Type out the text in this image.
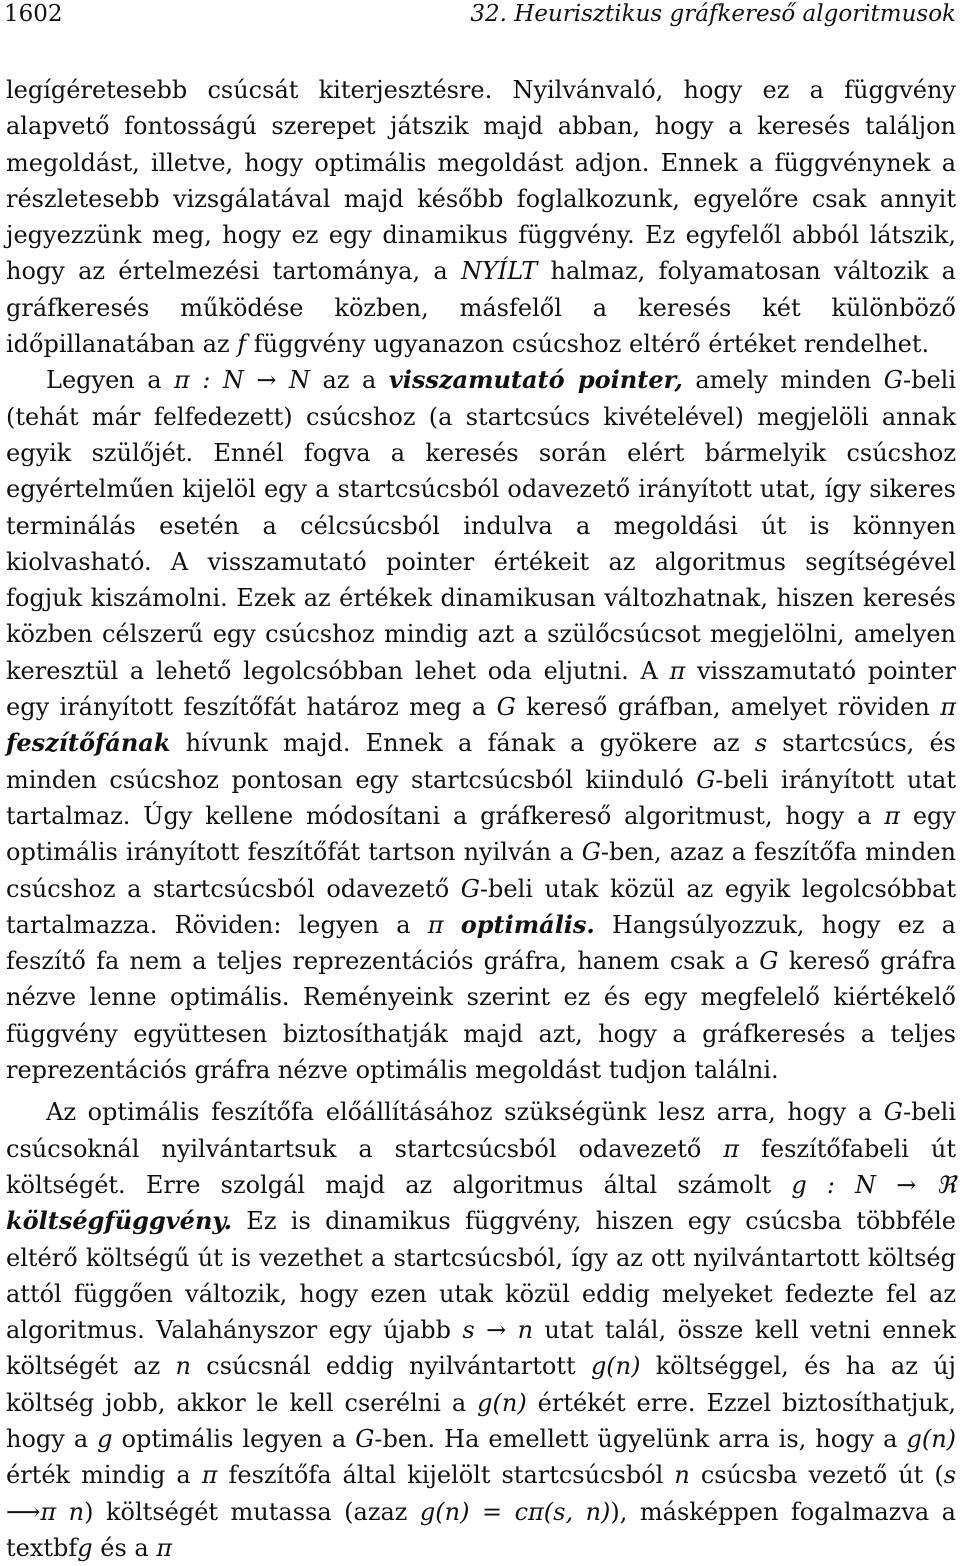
1602	32. Heurisztikus gráfkereső algoritmusok

legígéretesebb csúcsát kiterjesztésre. Nyilvánvaló, hogy ez a függvény alapvető fontosságú szerepet játszik majd abban, hogy a keresés találjon megoldást, illetve, hogy optimális megoldást adjon. Ennek a függvénynek a részletesebb vizsgálatával majd később foglalkozunk, egyelőre csak annyit jegyezzünk meg, hogy ez egy dinamikus függvény. Ez egyfelől abból látszik, hogy az értelmezési tartománya, a NYÍLT halmaz, folyamatosan változik a gráfkeresés működése közben, másfelől a keresés két különböző időpillanatában az f függvény ugyanazon csúcshoz eltérő értéket rendelhet.

Legyen a π : N → N az a visszamutató pointer, amely minden G-beli (tehát már felfedezett) csúcshoz (a startcsúcs kivételével) megjelöli annak egyik szülőjét. Ennél fogva a keresés során elért bármelyik csúcshoz egyértelműen kijelöl egy a startcsúcsból odavezető irányított utat, így sikeres terminálás esetén a célcsúcsból indulva a megoldási út is könnyen kiolvasható. A visszamutató pointer értékeit az algoritmus segítségével fogjuk kiszámolni. Ezek az értékek dinamikusan változhatnak, hiszen keresés közben célszerű egy csúcshoz mindig azt a szülőcsúcsot megjelölni, amelyen keresztül a lehető legolcsóbban lehet oda eljutni. A π visszamutató pointer egy irányított feszítőfát határoz meg a G kereső gráfban, amelyet röviden π feszítőfának hívunk majd. Ennek a fának a gyökere az s startcsúcs, és minden csúcshoz pontosan egy startcsúcsból kiinduló G-beli irányított utat tartalmaz. Úgy kellene módosítani a gráfkereső algoritmust, hogy a π egy optimális irányított feszítőfát tartson nyilván a G-ben, azaz a feszítőfa minden csúcshoz a startcsúcsból odavezető G-beli utak közül az egyik legolcsóbbat tartalmazza. Röviden: legyen a π optimális. Hangsúlyozzuk, hogy ez a feszítő fa nem a teljes reprezentációs gráfra, hanem csak a G kereső gráfra nézve lenne optimális. Reményeink szerint ez és egy megfelelő kiértékelő függvény együttesen biztosíthatják majd azt, hogy a gráfkeresés a teljes reprezentációs gráfra nézve optimális megoldást tudjon találni.

Az optimális feszítőfa előállításához szükségünk lesz arra, hogy a G-beli csúcsoknál nyilvántartsuk a startcsúcsból odavezető π feszítőfabeli út költségét. Erre szolgál majd az algoritmus által számolt g : N → ℜ költségfüggvény. Ez is dinamikus függvény, hiszen egy csúcsba többféle eltérő költségű út is vezethet a startcsúcsból, így az ott nyilvántartott költség attól függően változik, hogy ezen utak közül eddig melyeket fedezte fel az algoritmus. Valahányszor egy újabb s → n utat talál, össze kell vetni ennek költségét az n csúcsnál eddig nyilvántartott g(n) költséggel, és ha az új költség jobb, akkor le kell cserélni a g(n) értékét erre. Ezzel biztosíthatjuk, hogy a g optimális legyen a G-ben. Ha emellett ügyelünk arra is, hogy a g(n) érték mindig a π feszítőfa által kijelölt startcsúcsból n csúcsba vezető út (s ⟶π n) költségét mutassa (azaz g(n) = cπ(s, n)), másképpen fogalmazva a textbfg és a π
